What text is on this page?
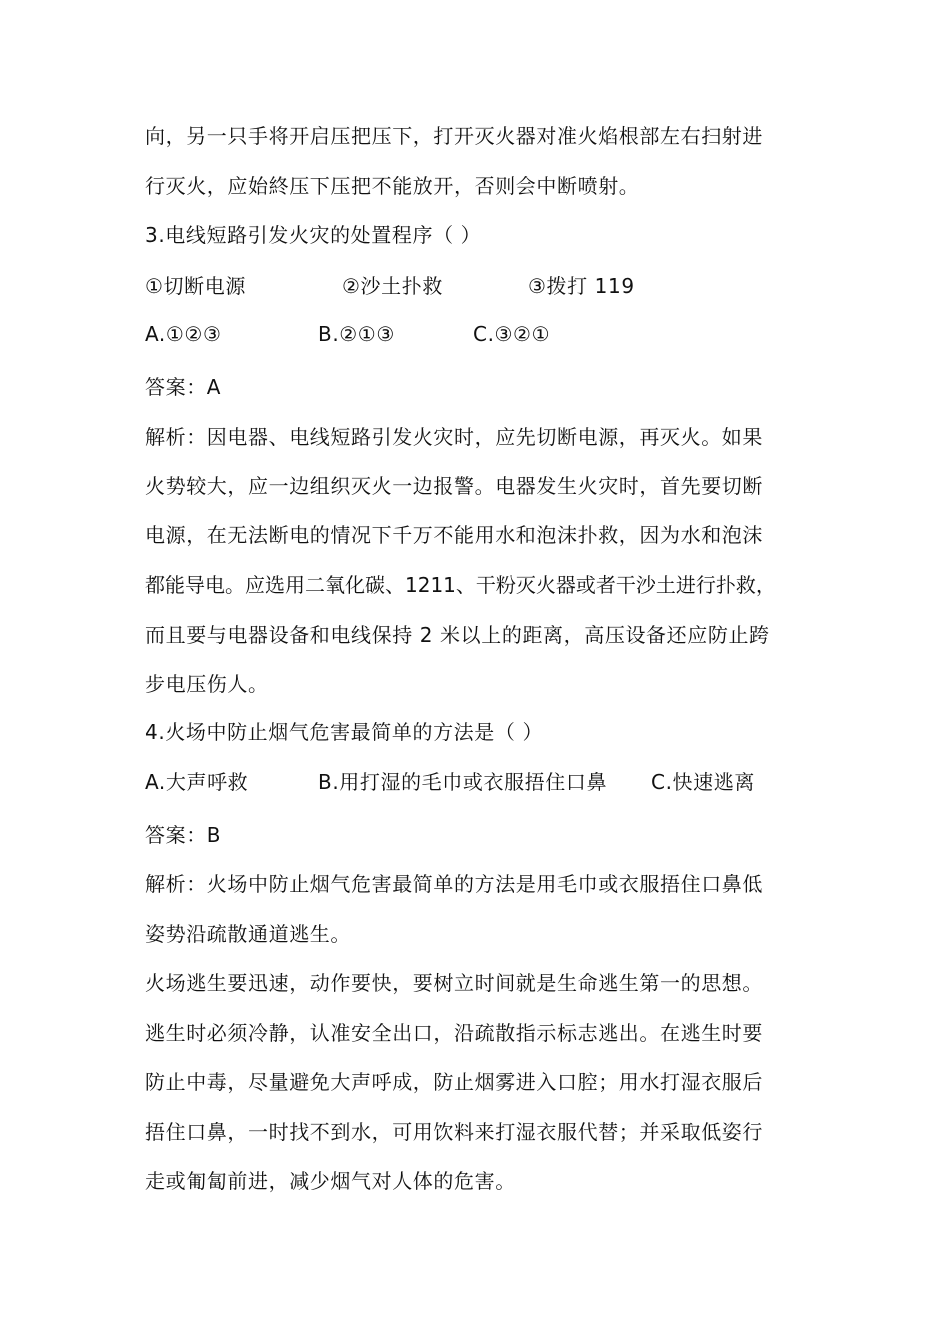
向，另一只手将开启压把压下，打开灭火器对准火焰根部左右扫射进
行灭火，应始終压下压把不能放开，否则会中断喷射。
3.电线短路引发火灾的处置程序（ ）
①切断电源	②沙土扑救	③拨打 119
A.①②③	B.②①③	C.③②①
答案：A
解析：因电器、电线短路引发火灾时，应先切断电源，再灭火。如果
火势较大，应一边组织灭火一边报警。电器发生火灾时，首先要切断
电源，在无法断电的情况下千万不能用水和泡沫扑救，因为水和泡沫
都能导电。应选用二氧化碳、1211、干粉灭火器或者干沙土进行扑救，
而且要与电器设备和电线保持 2 米以上的距离，高压设备还应防止跨
步电压伤人。
4.火场中防止烟气危害最简单的方法是（ ）
A.大声呼救	B.用打湿的毛巾或衣服捂住口鼻 C.快速逃离
答案：B
解析：火场中防止烟气危害最简单的方法是用毛巾或衣服捂住口鼻低
姿势沿疏散通道逃生。
火场逃生要迅速，动作要快，要树立时间就是生命逃生第一的思想。
逃生时必须冷静，认准安全出口，沿疏散指示标志逃出。在逃生时要
防止中毒，尽量避免大声呼成，防止烟雾进入口腔；用水打湿衣服后
捂住口鼻，一时找不到水，可用饮料来打湿衣服代替；并采取低姿行
走或匍匐前进，减少烟气对人体的危害。
